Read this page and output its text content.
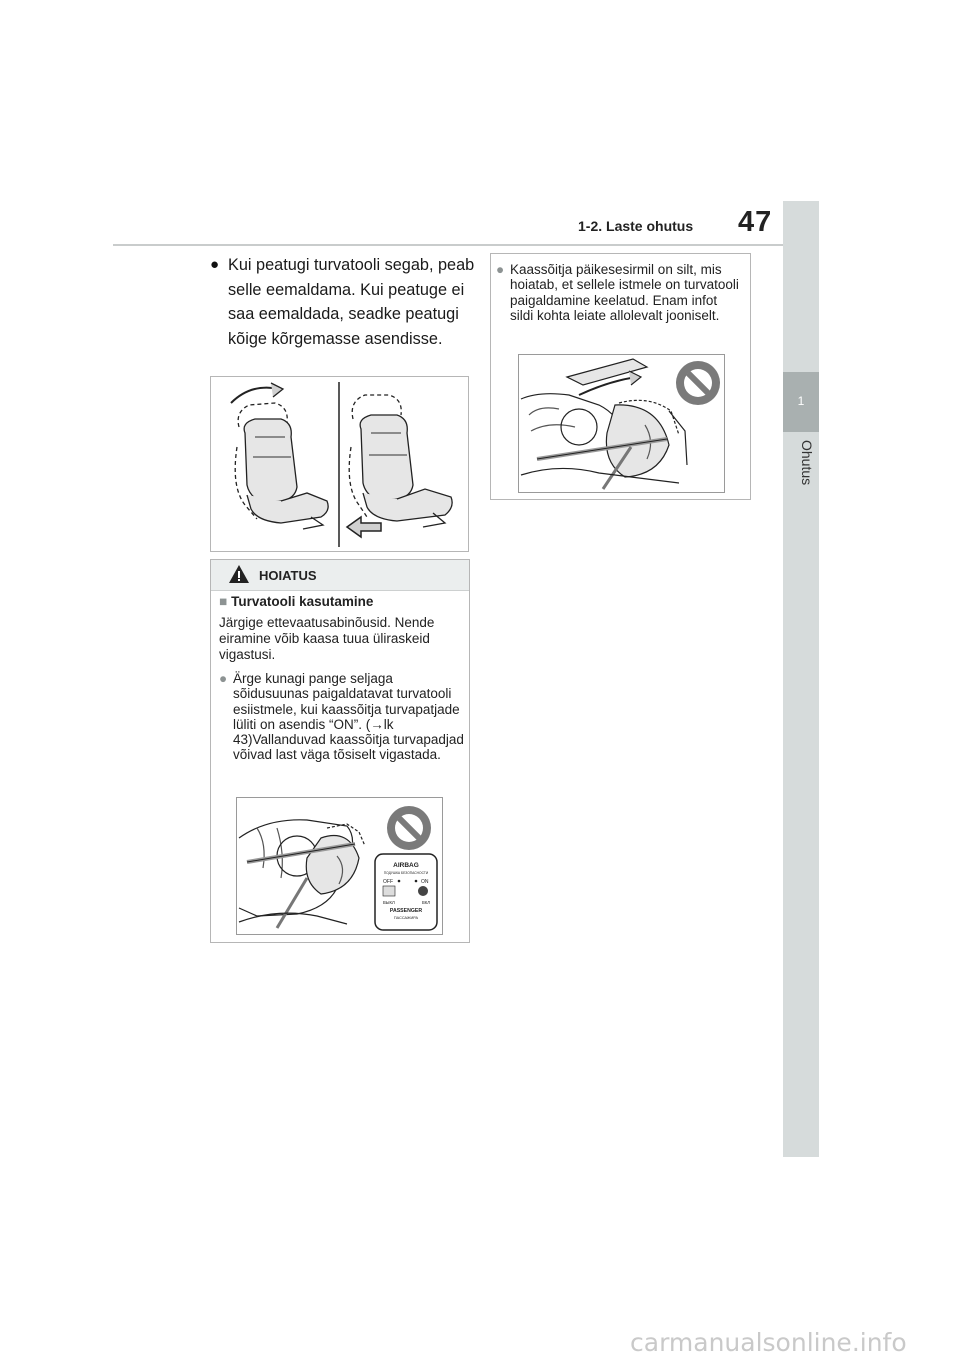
1-2. Laste ohutus 47
1
Ohutus
● Kui peatugi turvatooli segab, peab selle eemaldama. Kui peatuge ei saa eemaldada, seadke peatugi kõige kõrgemasse asendisse.

HOIATUS
■ Turvatooli kasutamine
Järgige ettevaatusabinõusid. Nende eiramine võib kaasa tuua üliraskeid vigastusi.
● Ärge kunagi pange seljaga sõidusuunas paigaldatavat turvatooli esiistmele, kui kaassõitja turvapatjade lüliti on asendis “ON”. (→lk 43)Vallanduvad kaassõitja turvapadjad võivad last väga tõsiselt vigastada.
AIRBAG
ПОДУШКА БЕЗОПАСНОСТИ
OFF	ON
ВЫКЛ	ВКЛ
PASSENGER
ПАССАЖИРА
● Kaassõitja päikesesirmil on silt, mis hoiatab, et sellele istmele on turvatooli paigaldamine keelatud. Enam infot sildi kohta leiate allolevalt jooniselt.
carmanualsonline.info
